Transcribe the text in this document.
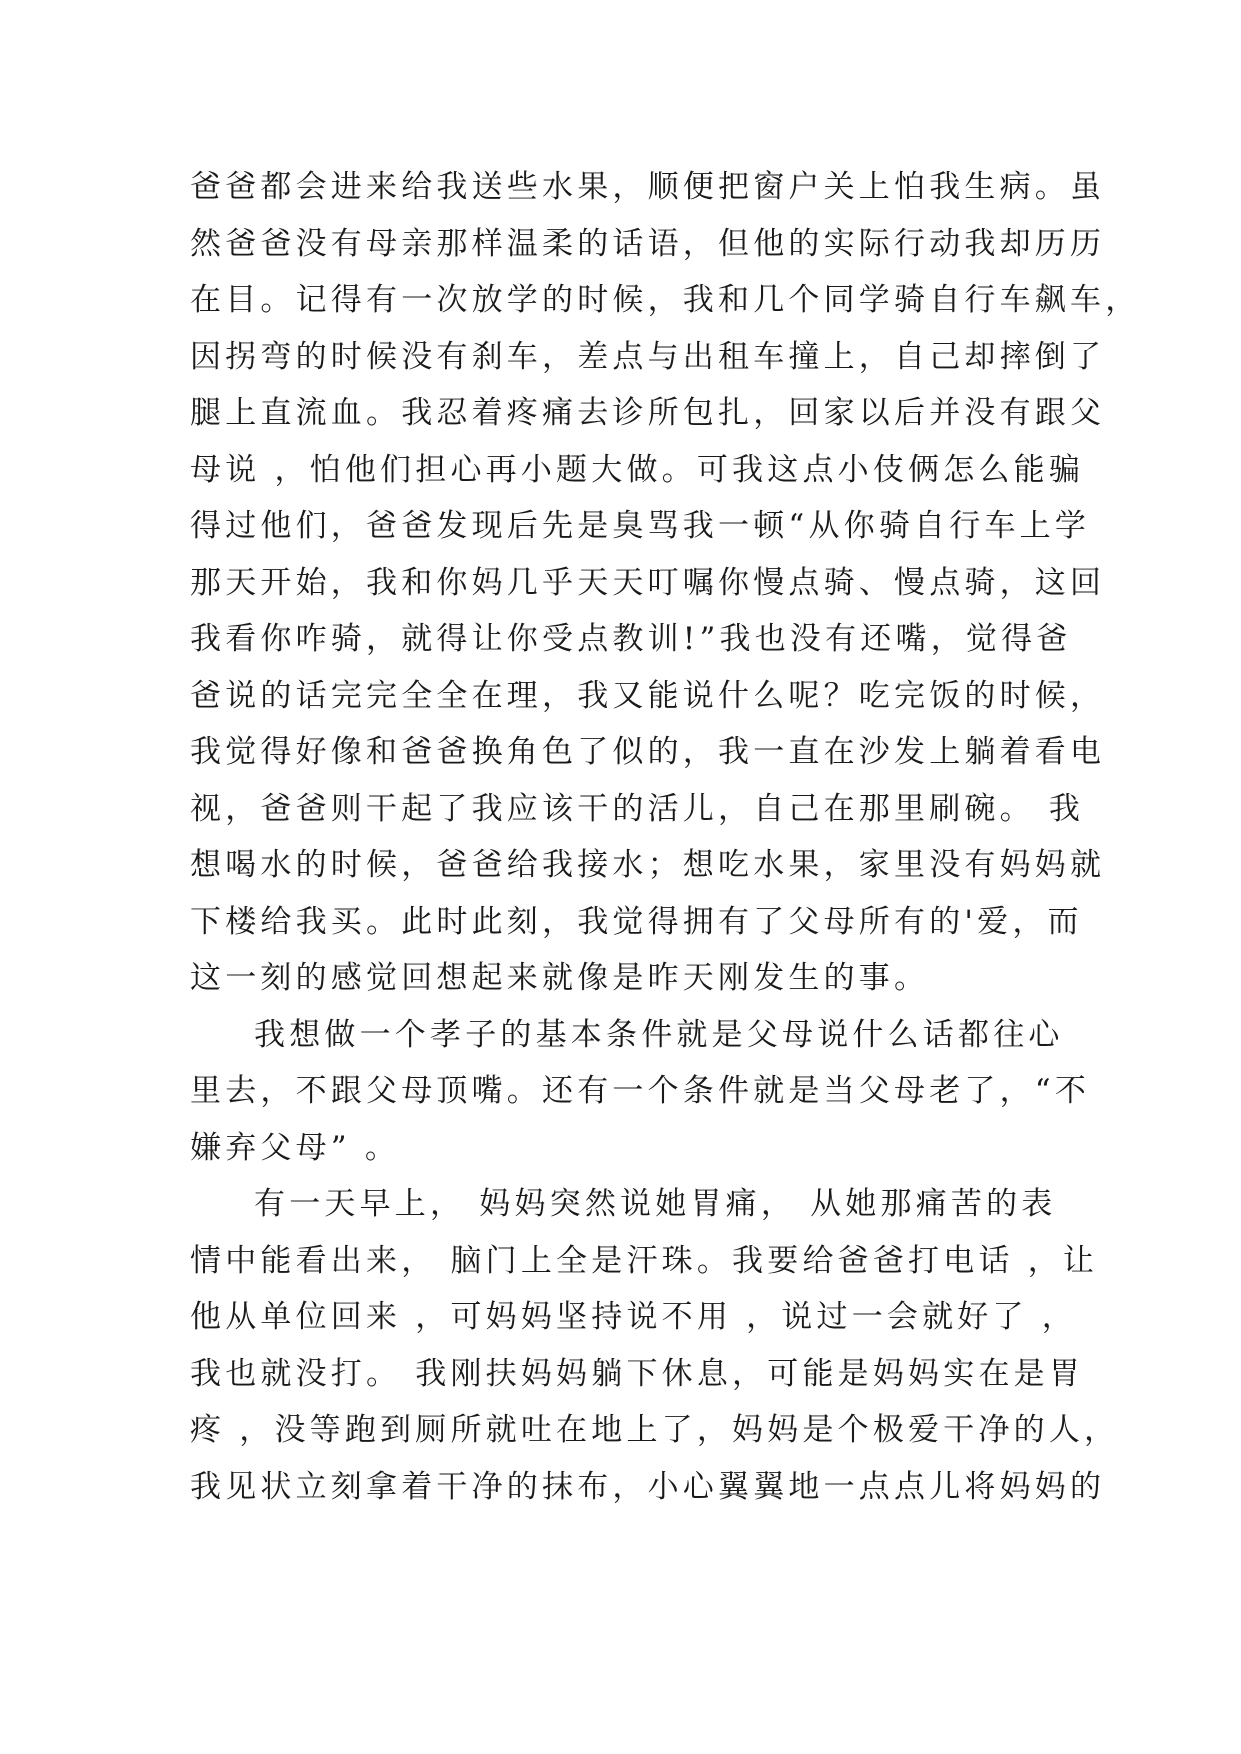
爸爸都会进来给我送些水果，顺便把窗户关上怕我生病。虽
然爸爸没有母亲那样温柔的话语，但他的实际行动我却历历
在目。记得有一次放学的时候，我和几个同学骑自行车飙车，
因拐弯的时候没有刹车，差点与出租车撞上，自己却摔倒了
腿上直流血。我忍着疼痛去诊所包扎，回家以后并没有跟父
母说 ，怕他们担心再小题大做。可我这点小伎俩怎么能骗
得过他们，爸爸发现后先是臭骂我一顿“从你骑自行车上学
那天开始，我和你妈几乎天天叮嘱你慢点骑、慢点骑，这回
我看你咋骑，就得让你受点教训!”我也没有还嘴，觉得爸
爸说的话完完全全在理，我又能说什么呢？吃完饭的时候，
我觉得好像和爸爸换角色了似的，我一直在沙发上躺着看电
视，爸爸则干起了我应该干的活儿，自己在那里刷碗。 我
想喝水的时候，爸爸给我接水；想吃水果，家里没有妈妈就
下楼给我买。此时此刻，我觉得拥有了父母所有的'爱，而
这一刻的感觉回想起来就像是昨天刚发生的事。
我想做一个孝子的基本条件就是父母说什么话都往心
里去，不跟父母顶嘴。还有一个条件就是当父母老了，“不
嫌弃父母” 。
有一天早上， 妈妈突然说她胃痛， 从她那痛苦的表
情中能看出来， 脑门上全是汗珠。我要给爸爸打电话 ，让
他从单位回来 ，可妈妈坚持说不用 ，说过一会就好了 ，
我也就没打。 我刚扶妈妈躺下休息，可能是妈妈实在是胃
疼 ，没等跑到厕所就吐在地上了，妈妈是个极爱干净的人，
我见状立刻拿着干净的抹布，小心翼翼地一点点儿将妈妈的
